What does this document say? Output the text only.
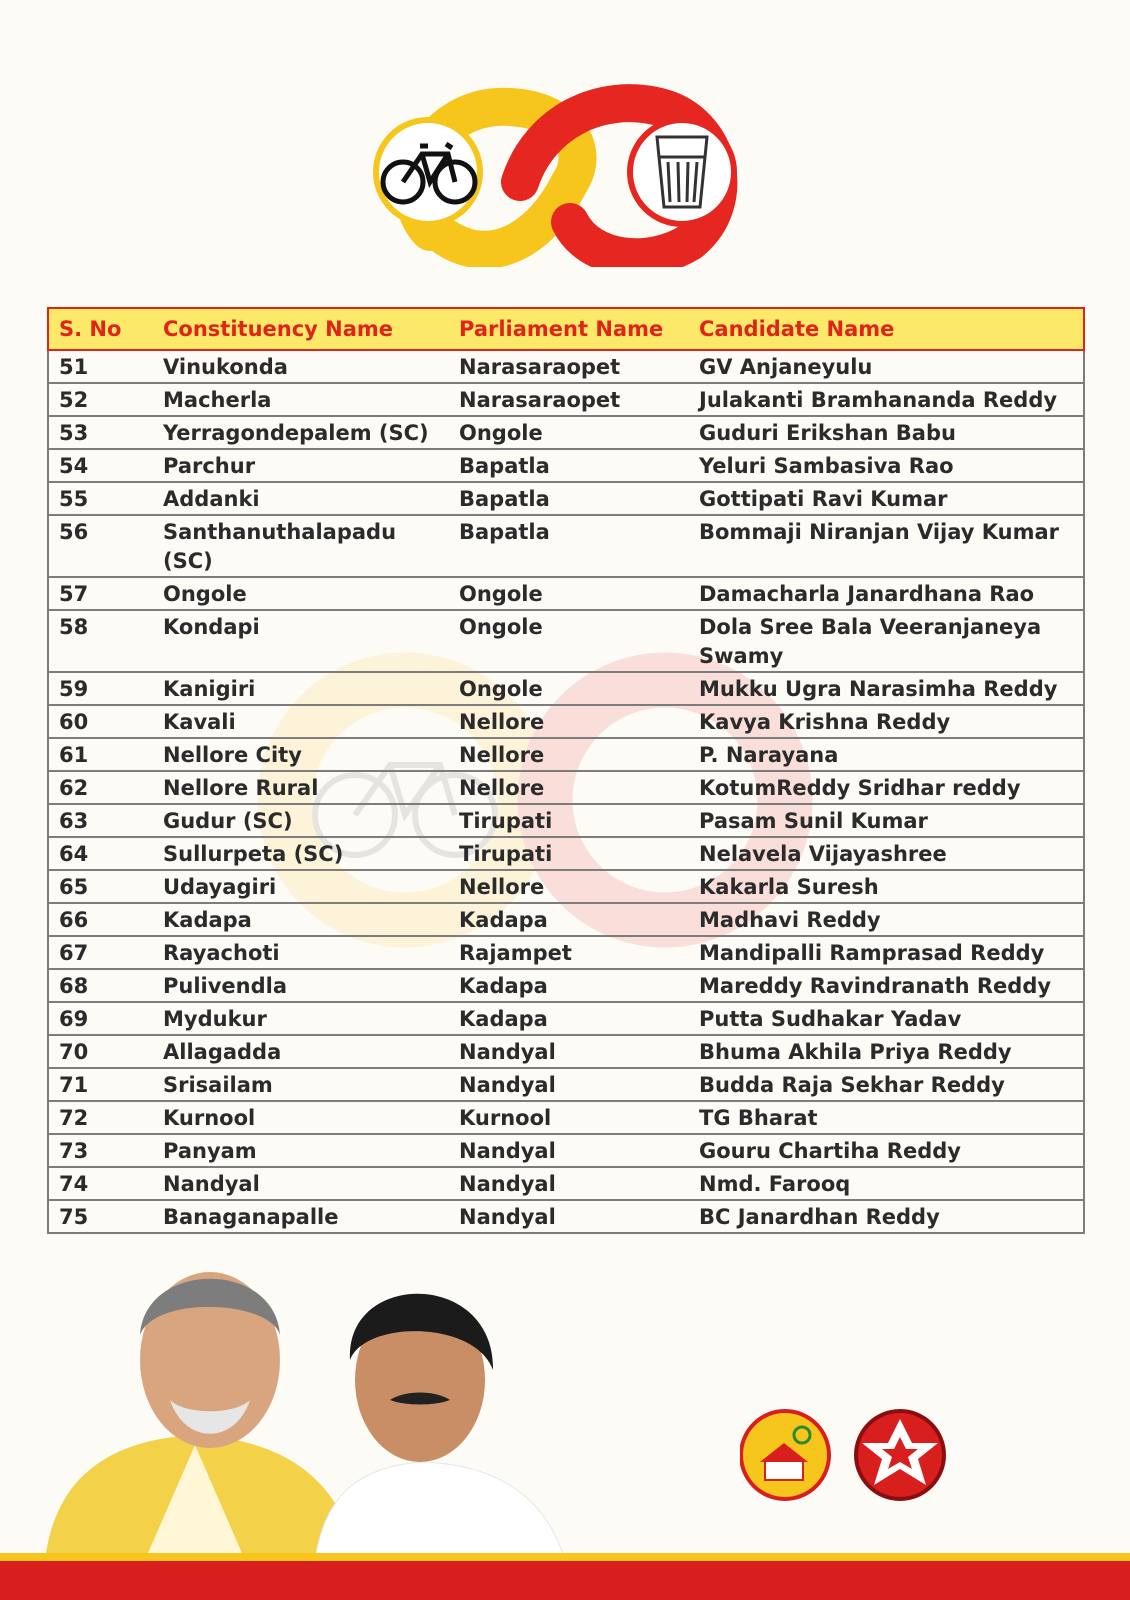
S. No	Constituency Name	Parliament Name	Candidate Name
51	Vinukonda	Narasaraopet	GV Anjaneyulu
52	Macherla	Narasaraopet	Julakanti Bramhananda Reddy
53	Yerragondepalem (SC)	Ongole	Guduri Erikshan Babu
54	Parchur	Bapatla	Yeluri Sambasiva Rao
55	Addanki	Bapatla	Gottipati Ravi Kumar
56	Santhanuthalapadu (SC)	Bapatla	Bommaji Niranjan Vijay Kumar
57	Ongole	Ongole	Damacharla Janardhana Rao
58	Kondapi	Ongole	Dola Sree Bala Veeranjaneya Swamy
59	Kanigiri	Ongole	Mukku Ugra Narasimha Reddy
60	Kavali	Nellore	Kavya Krishna Reddy
61	Nellore City	Nellore	P. Narayana
62	Nellore Rural	Nellore	KotumReddy Sridhar reddy
63	Gudur (SC)	Tirupati	Pasam Sunil Kumar
64	Sullurpeta (SC)	Tirupati	Nelavela Vijayashree
65	Udayagiri	Nellore	Kakarla Suresh
66	Kadapa	Kadapa	Madhavi Reddy
67	Rayachoti	Rajampet	Mandipalli Ramprasad Reddy
68	Pulivendla	Kadapa	Mareddy Ravindranath Reddy
69	Mydukur	Kadapa	Putta Sudhakar Yadav
70	Allagadda	Nandyal	Bhuma Akhila Priya Reddy
71	Srisailam	Nandyal	Budda Raja Sekhar Reddy
72	Kurnool	Kurnool	TG Bharat
73	Panyam	Nandyal	Gouru Chartiha Reddy
74	Nandyal	Nandyal	Nmd. Farooq
75	Banaganapalle	Nandyal	BC Janardhan Reddy
